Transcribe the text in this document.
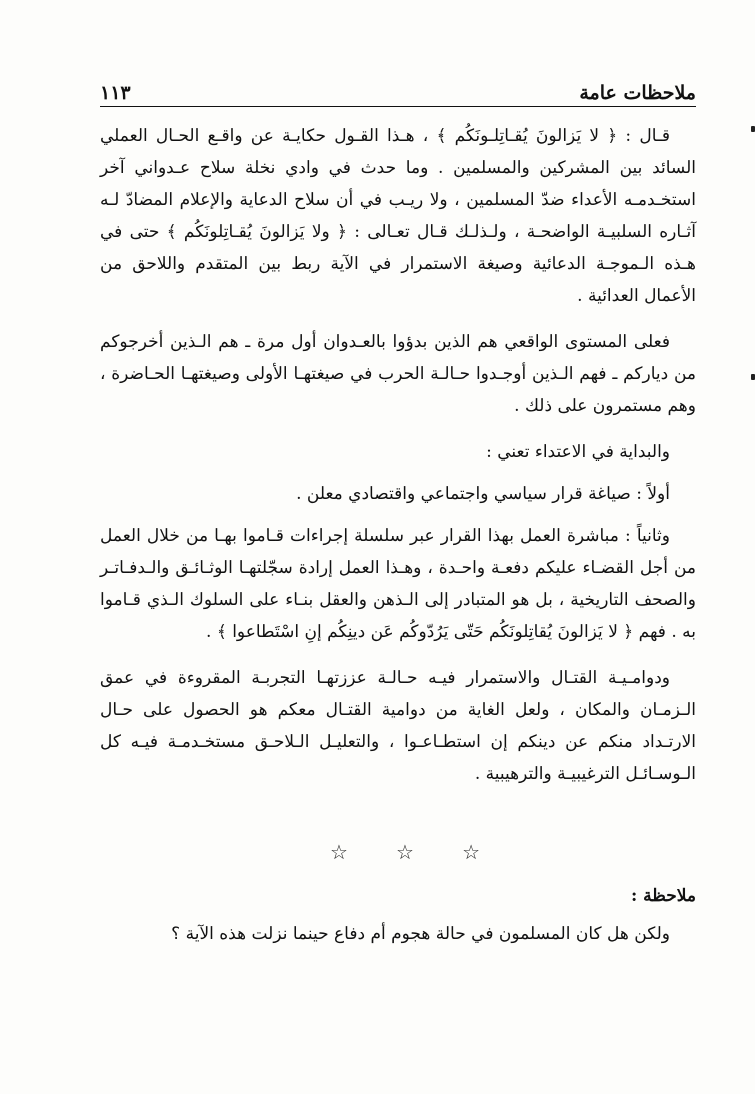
١١٣	ملاحظات عامة

قـال : ﴿ لا يَزالونَ يُقـاتِلـونَكُم ﴾ ، هـذا القـول حكايـة عن واقـع الحـال العملي السائد بين المشركين والمسلمين . وما حدث في وادي نخلة سلاح عـدواني آخر استخـدمـه الأعداء ضدّ المسلمين ، ولا ريـب في أن سلاح الدعاية والإعلام المضادّ لـه آثـاره السلبيـة الواضحـة ، ولـذلـك قـال تعـالى : ﴿ ولا يَزالونَ يُقـاتِلونَكُم ﴾ حتى في هـذه الـموجـة الدعائية وصيغة الاستمرار في الآية ربط بين المتقدم واللاحق من الأعمال العدائية .

فعلى المستوى الواقعي هم الذين بدؤوا بالعـدوان أول مرة ـ هم الـذين أخرجوكم من دياركم ـ فهم الـذين أوجـدوا حـالـة الحرب في صيغتهـا الأولى وصيغتهـا الحـاضرة ، وهم مستمرون على ذلك .

والبداية في الاعتداء تعني :

أولاً : صياغة قرار سياسي واجتماعي واقتصادي معلن .

وثانياً : مباشرة العمل بهذا القرار عبر سلسلة إجراءات قـاموا بهـا من خلال العمل من أجل القضـاء عليكم دفعـة واحـدة ، وهـذا العمل إرادة سجّلتهـا الوثـائـق والـدفـاتـر والصحف التاريخية ، بل هو المتبادر إلى الـذهن والعقل بنـاء على السلوك الـذي قـاموا به . فهم ﴿ لا يَزالونَ يُقاتِلونَكُم حَتّى يَرُدّوكُم عَن دينِكُم إنِ اسْتَطاعوا ﴾ .

ودوامـيـة القتـال والاستمرار فيـه حـالـة عززتهـا التجربـة المقروءة في عمق الـزمـان والمكان ، ولعل الغاية من دوامية القتـال معكم هو الحصول على حـال الارتـداد منكم عن دينكم إن استطـاعـوا ، والتعليـل الـلاحـق مستخـدمـة فيـه كل الـوسـائـل الترغيبيـة والترهيبية .

☆ ☆ ☆
ملاحظة :
ولكن هل كان المسلمون في حالة هجوم أم دفاع حينما نزلت هذه الآية ؟
